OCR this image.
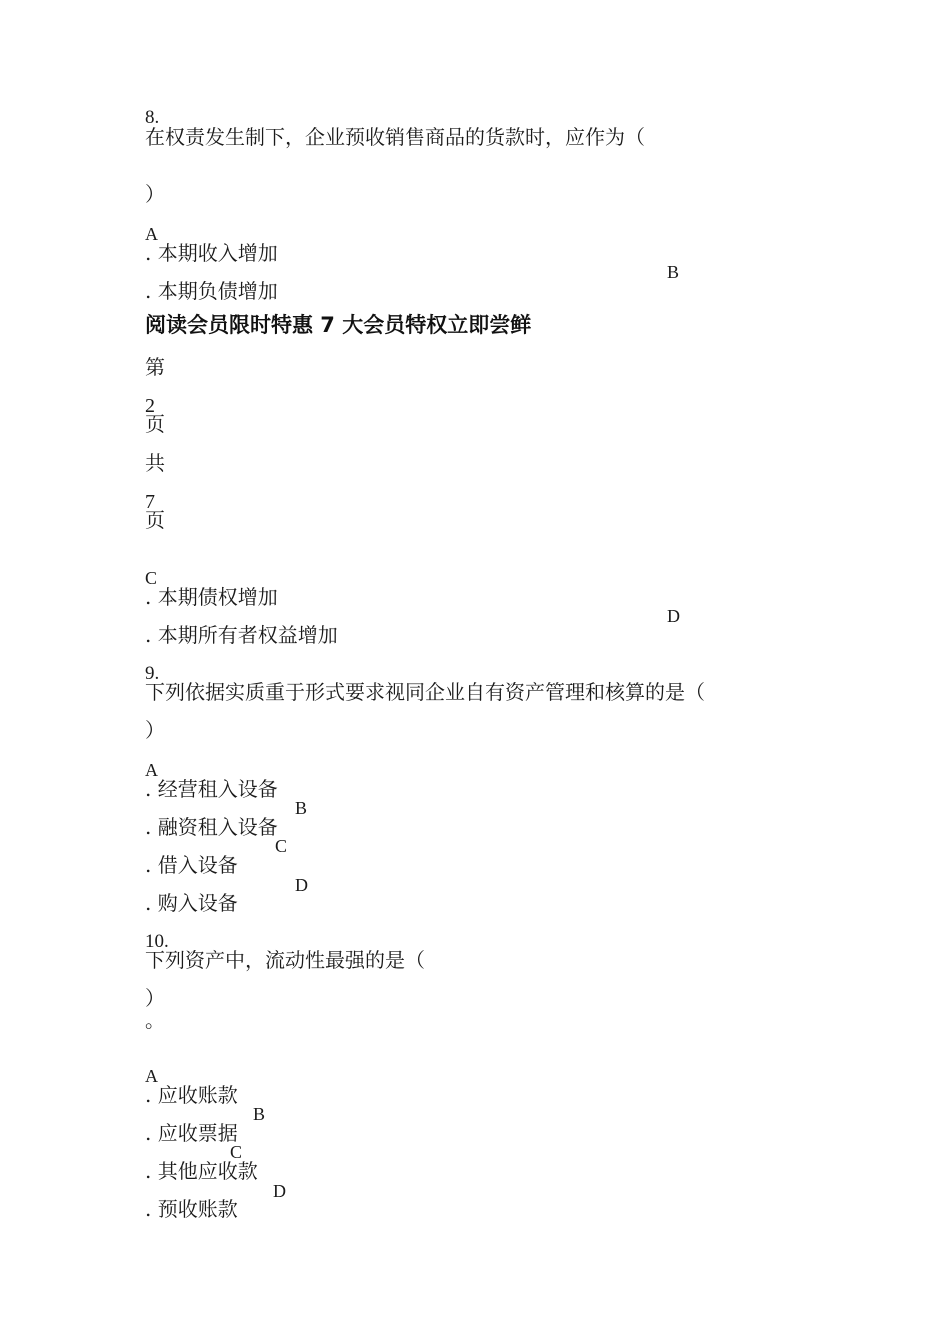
8.
在权责发生制下，企业预收销售商品的货款时，应作为（
）
A
. 本期收入增加
B
. 本期负债增加
阅读会员限时特惠 7 大会员特权立即尝鲜
第
2
页
共
7
页
C
. 本期债权增加
D
. 本期所有者权益增加
9.
下列依据实质重于形式要求视同企业自有资产管理和核算的是（
）
A
. 经营租入设备
B
. 融资租入设备
C
. 借入设备
D
. 购入设备
10.
下列资产中，流动性最强的是（
）
。
A
. 应收账款
B
. 应收票据
C
. 其他应收款
D
. 预收账款
